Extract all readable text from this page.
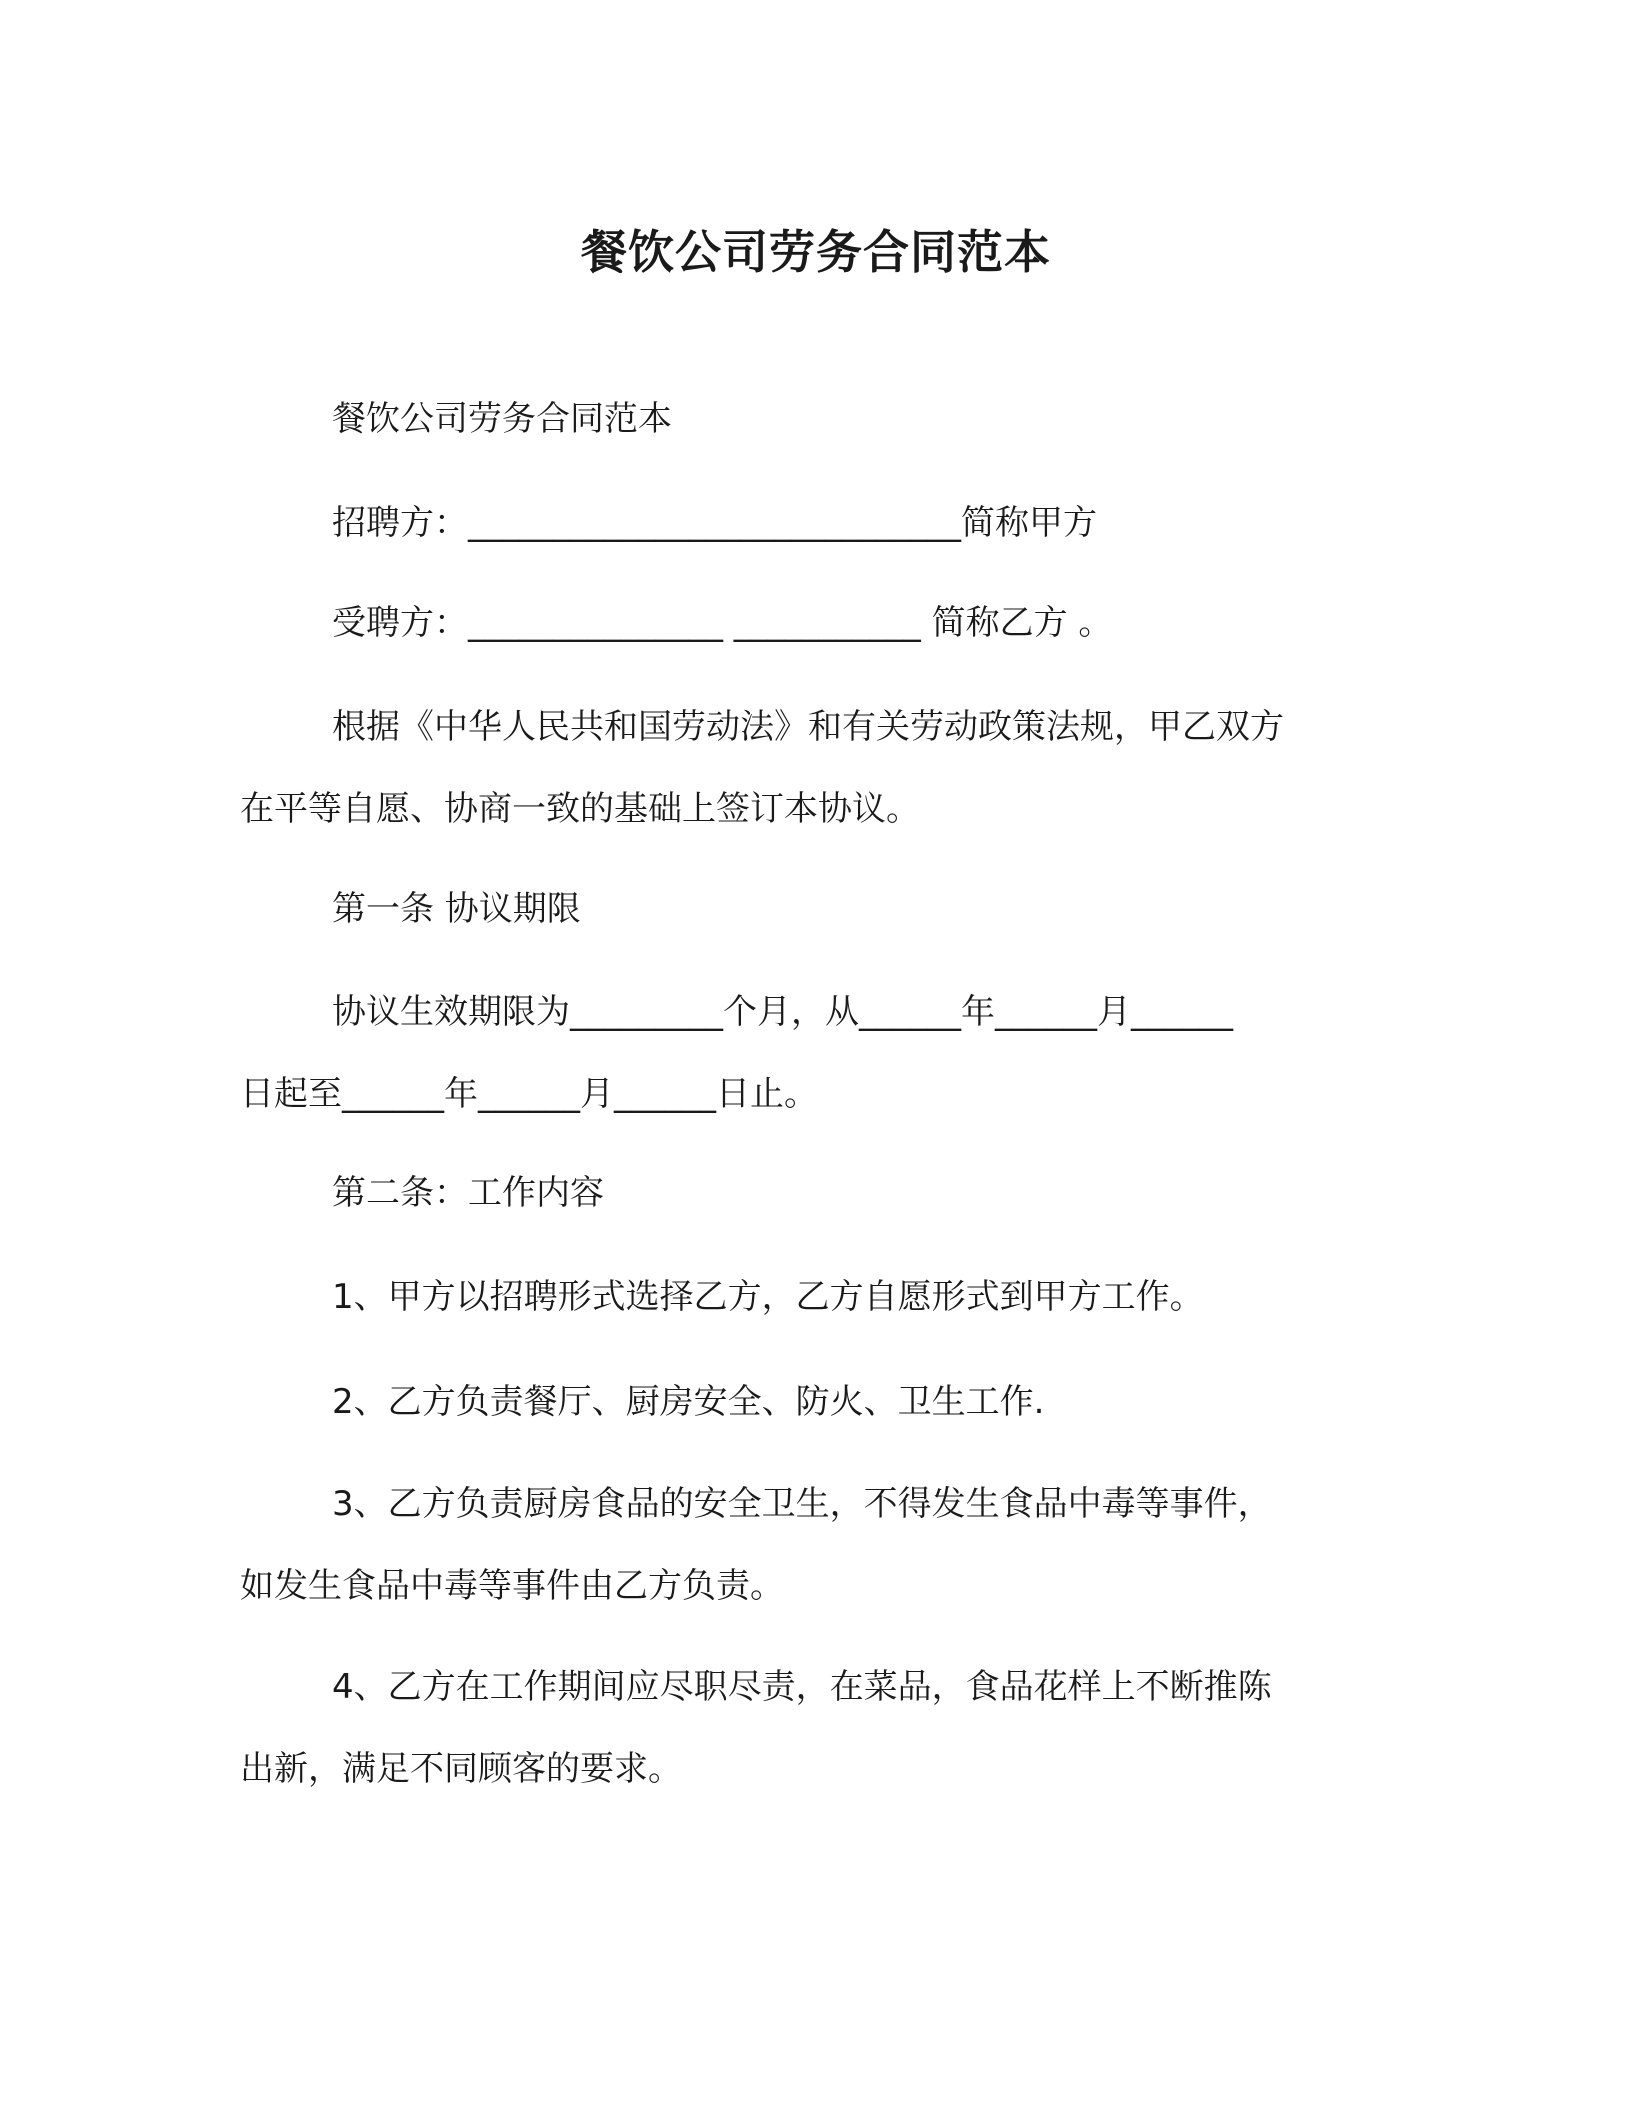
餐饮公司劳务合同范本
餐饮公司劳务合同范本
招聘方：_____________________________简称甲方
受聘方：_______________ ___________ 简称乙方 。
根据《中华人民共和国劳动法》和有关劳动政策法规，甲乙双方
在平等自愿、协商一致的基础上签订本协议。
第一条 协议期限
协议生效期限为_________个月，从______年______月______
日起至______年______月______日止。
第二条：工作内容
1、甲方以招聘形式选择乙方，乙方自愿形式到甲方工作。
2、乙方负责餐厅、厨房安全、防火、卫生工作.
3、乙方负责厨房食品的安全卫生，不得发生食品中毒等事件，
如发生食品中毒等事件由乙方负责。
4、乙方在工作期间应尽职尽责，在菜品，食品花样上不断推陈
出新，满足不同顾客的要求。
